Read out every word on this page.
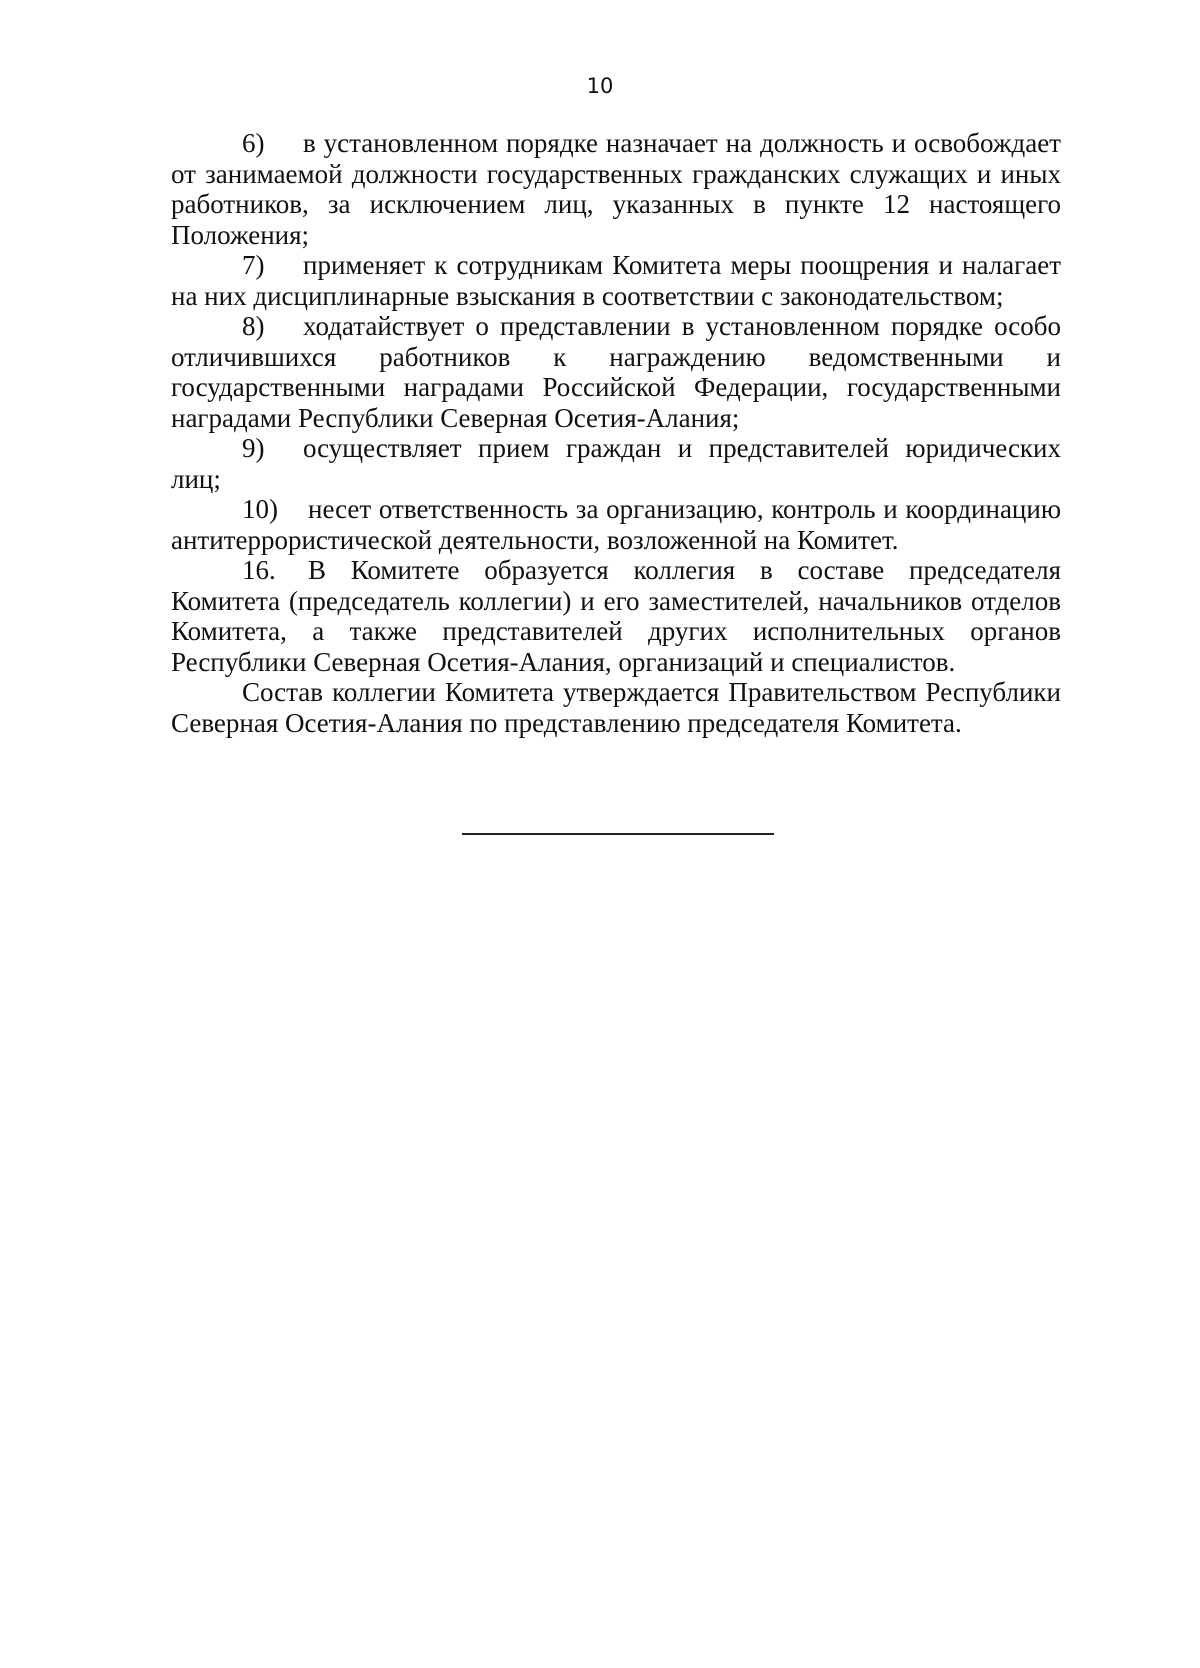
10

6) в установленном порядке назначает на должность и освобождает от занимаемой должности государственных гражданских служащих и иных работников, за исключением лиц, указанных в пункте 12 настоящего Положения;

7) применяет к сотрудникам Комитета меры поощрения и налагает на них дисциплинарные взыскания в соответствии с законодательством;

8) ходатайствует о представлении в установленном порядке особо отличившихся работников к награждению ведомственными и государственными наградами Российской Федерации, государственными наградами Республики Северная Осетия-Алания;

9) осуществляет прием граждан и представителей юридических лиц;

10) несет ответственность за организацию, контроль и координацию антитеррористической деятельности, возложенной на Комитет.

16. В Комитете образуется коллегия в составе председателя Комитета (председатель коллегии) и его заместителей, начальников отделов Комитета, а также представителей других исполнительных органов Республики Северная Осетия-Алания, организаций и специалистов.

Состав коллегии Комитета утверждается Правительством Республики Северная Осетия-Алания по представлению председателя Комитета.
